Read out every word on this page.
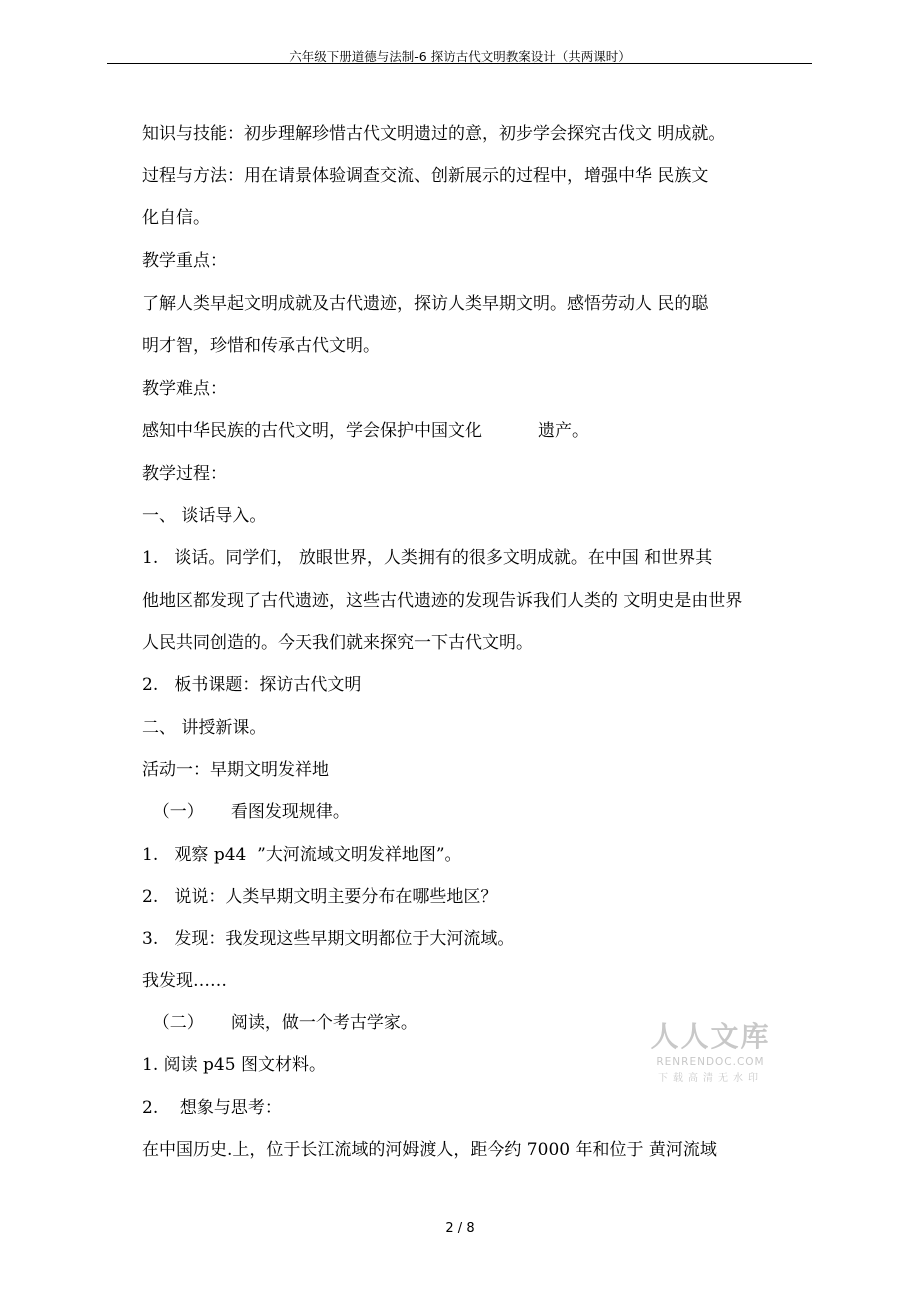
六年级下册道德与法制-6 探访古代文明教案设计（共两课时）
知识与技能：初步理解珍惜古代文明遗过的意，初步学会探究古伐文 明成就。
过程与方法：用在请景体验调查交流、创新展示的过程中，增强中华 民族文
化自信。
教学重点：
了解人类早起文明成就及古代遗迹，探访人类早期文明。感悟劳动人 民的聪
明才智，珍惜和传承古代文明。
教学难点：
感知中华民族的古代文明，学会保护中国文化	遗产。
教学过程：
一、 谈话导入。
1.   谈话。同学们， 放眼世界，人类拥有的很多文明成就。在中国 和世界其
他地区都发现了古代遗迹，这些古代遗迹的发现告诉我们人类的 文明史是由世界
人民共同创造的。今天我们就来探究一下古代文明。
2.   板书课题：探访古代文明
二、 讲授新课。
活动一：早期文明发祥地
（一）     看图发现规律。
1.   观察 p44  ”大河流域文明发祥地图”。
2.   说说：人类早期文明主要分布在哪些地区？
3.   发现：我发现这些早期文明都位于大河流域。
我发现……
（二）     阅读，做一个考古学家。
1. 阅读 p45 图文材料。
2.    想象与思考：
在中国历史.上，位于长江流域的河姆渡人，距今约 7000 年和位于 黄河流域
人人文库
RENRENDOC.COM
下载高清无水印
2 / 8
